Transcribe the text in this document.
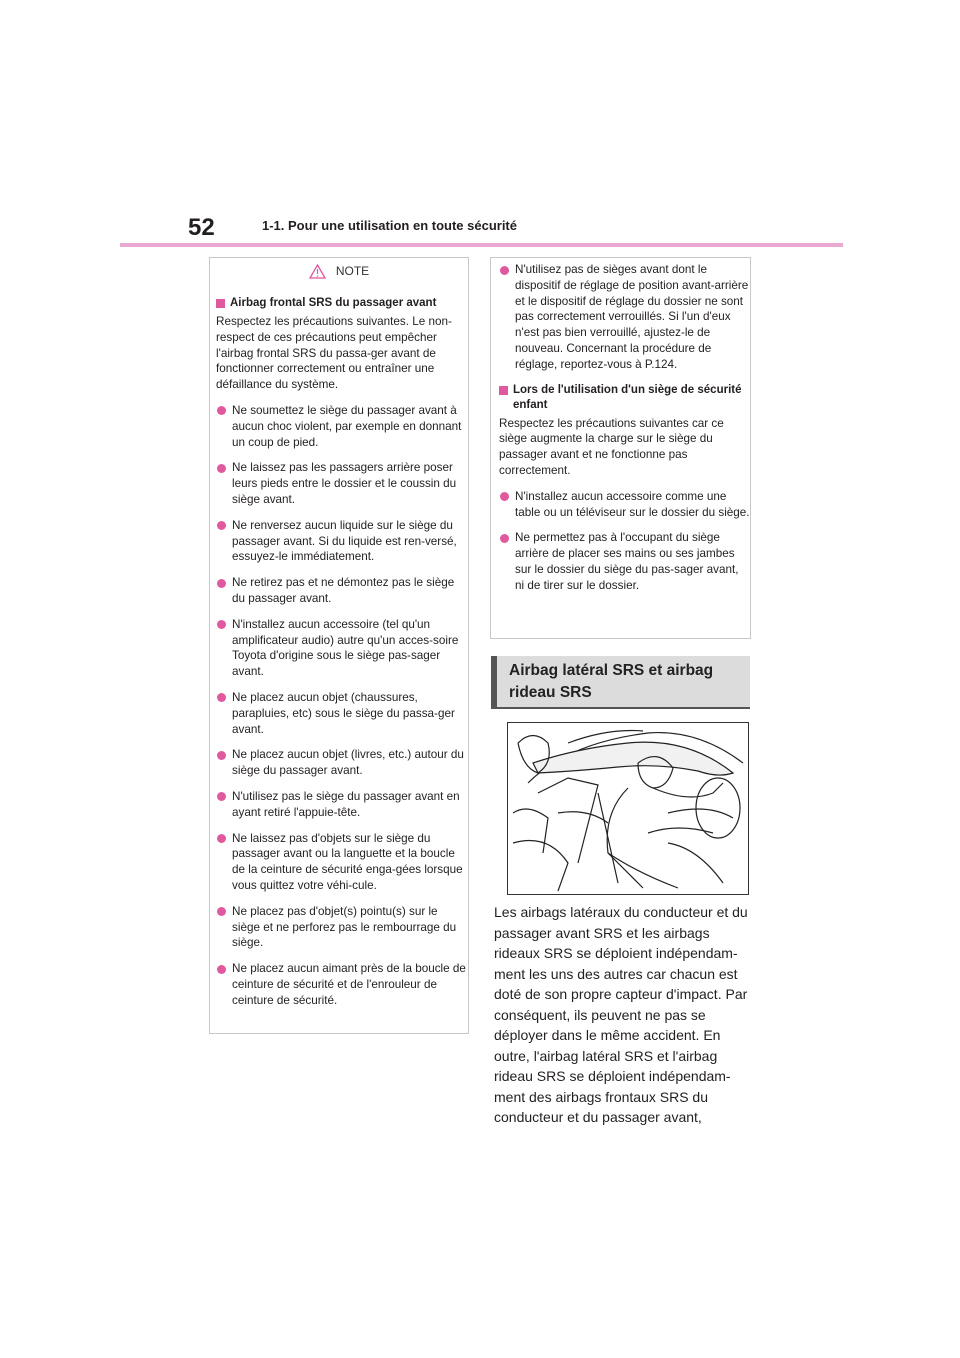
52	1-1. Pour une utilisation en toute sécurité
NOTE
Airbag frontal SRS du passager avant

Respectez les précautions suivantes. Le non-respect de ces précautions peut empêcher l'airbag frontal SRS du passa-ger avant de fonctionner correctement ou entraîner une défaillance du système.

Ne soumettez le siège du passager avant à aucun choc violent, par exemple en donnant un coup de pied.
Ne laissez pas les passagers arrière poser leurs pieds entre le dossier et le coussin du siège avant.
Ne renversez aucun liquide sur le siège du passager avant. Si du liquide est ren-versé, essuyez-le immédiatement.
Ne retirez pas et ne démontez pas le siège du passager avant.
N'installez aucun accessoire (tel qu'un amplificateur audio) autre qu'un acces-soire Toyota d'origine sous le siège pas-sager avant.
Ne placez aucun objet (chaussures, parapluies, etc) sous le siège du passa-ger avant.
Ne placez aucun objet (livres, etc.) autour du siège du passager avant.
N'utilisez pas le siège du passager avant en ayant retiré l'appuie-tête.
Ne laissez pas d'objets sur le siège du passager avant ou la languette et la boucle de la ceinture de sécurité enga-gées lorsque vous quittez votre véhi-cule.
Ne placez pas d'objet(s) pointu(s) sur le siège et ne perforez pas le rembourrage du siège.
Ne placez aucun aimant près de la boucle de ceinture de sécurité et de l'enrouleur de ceinture de sécurité.
N'utilisez pas de sièges avant dont le dispositif de réglage de position avant-arrière et le dispositif de réglage du dossier ne sont pas correctement verrouillés. Si l'un d'eux n'est pas bien verrouillé, ajustez-le de nouveau. Concernant la procédure de réglage, reportez-vous à P.124.
Lors de l'utilisation d'un siège de sécurité enfant

Respectez les précautions suivantes car ce siège augmente la charge sur le siège du passager avant et ne fonctionne pas correctement.

N'installez aucun accessoire comme une table ou un téléviseur sur le dossier du siège.
Ne permettez pas à l'occupant du siège arrière de placer ses mains ou ses jambes sur le dossier du siège du pas-sager avant, ni de tirer sur le dossier.
Airbag latéral SRS et airbag rideau SRS
Les airbags latéraux du conducteur et du passager avant SRS et les airbags rideaux SRS se déploient indépendam-ment les uns des autres car chacun est doté de son propre capteur d'impact. Par conséquent, ils peuvent ne pas se déployer dans le même accident. En outre, l'airbag latéral SRS et l'airbag rideau SRS se déploient indépendam-ment des airbags frontaux SRS du conducteur et du passager avant,
